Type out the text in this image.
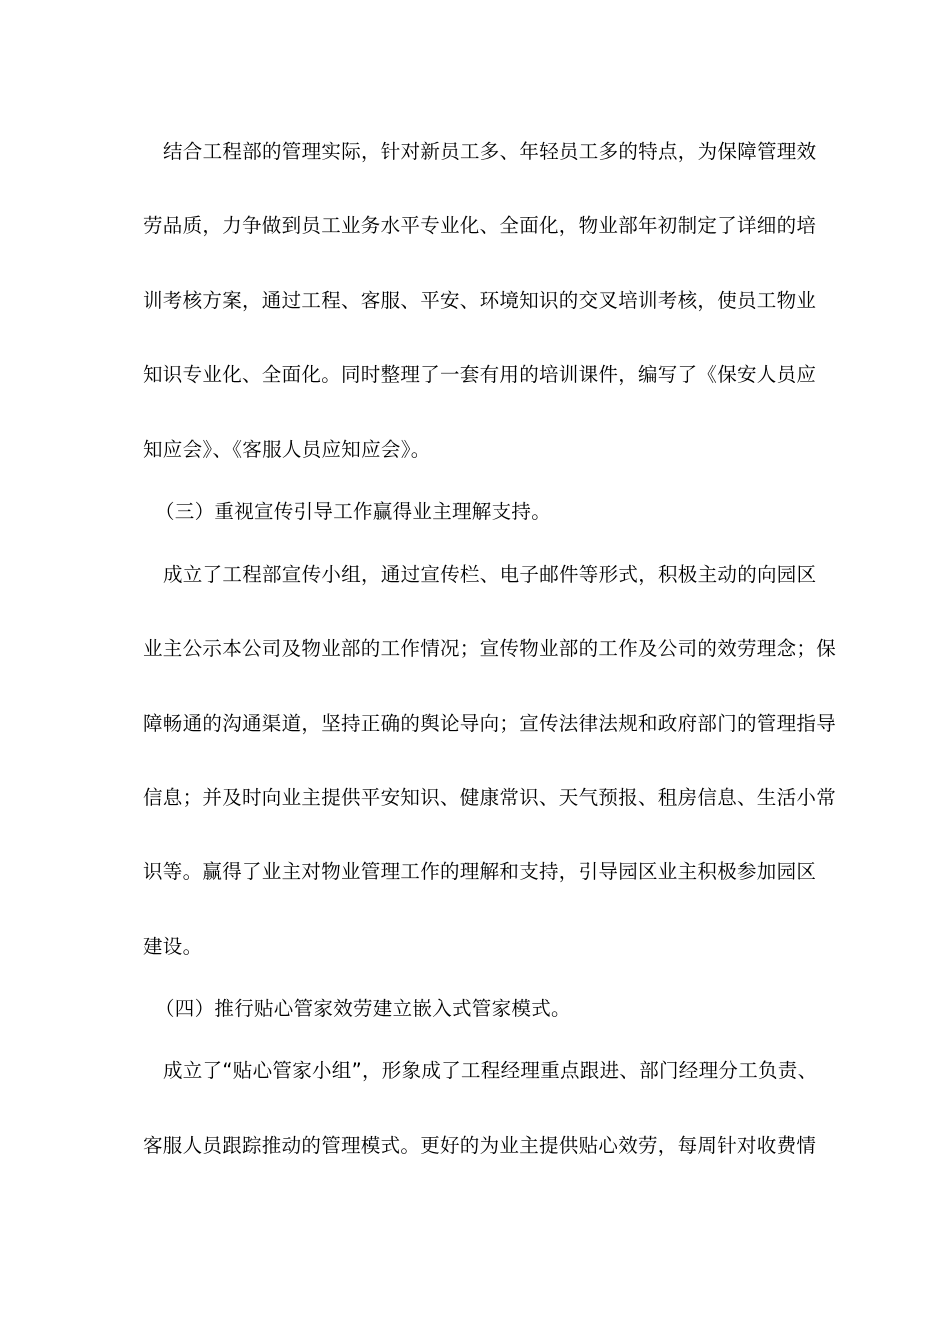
结合工程部的管理实际，针对新员工多、年轻员工多的特点，为保障管理效
劳品质，力争做到员工业务水平专业化、全面化，物业部年初制定了详细的培
训考核方案，通过工程、客服、平安、环境知识的交叉培训考核，使员工物业
知识专业化、全面化。同时整理了一套有用的培训课件，编写了《保安人员应
知应会》、《客服人员应知应会》。
（三）重视宣传引导工作赢得业主理解支持。
成立了工程部宣传小组，通过宣传栏、电子邮件等形式，积极主动的向园区
业主公示本公司及物业部的工作情况；宣传物业部的工作及公司的效劳理念；保
障畅通的沟通渠道，坚持正确的舆论导向；宣传法律法规和政府部门的管理指导
信息；并及时向业主提供平安知识、健康常识、天气预报、租房信息、生活小常
识等。赢得了业主对物业管理工作的理解和支持，引导园区业主积极参加园区
建设。
（四）推行贴心管家效劳建立嵌入式管家模式。
成立了“贴心管家小组”，形象成了工程经理重点跟进、部门经理分工负责、
客服人员跟踪推动的管理模式。更好的为业主提供贴心效劳，每周针对收费情
